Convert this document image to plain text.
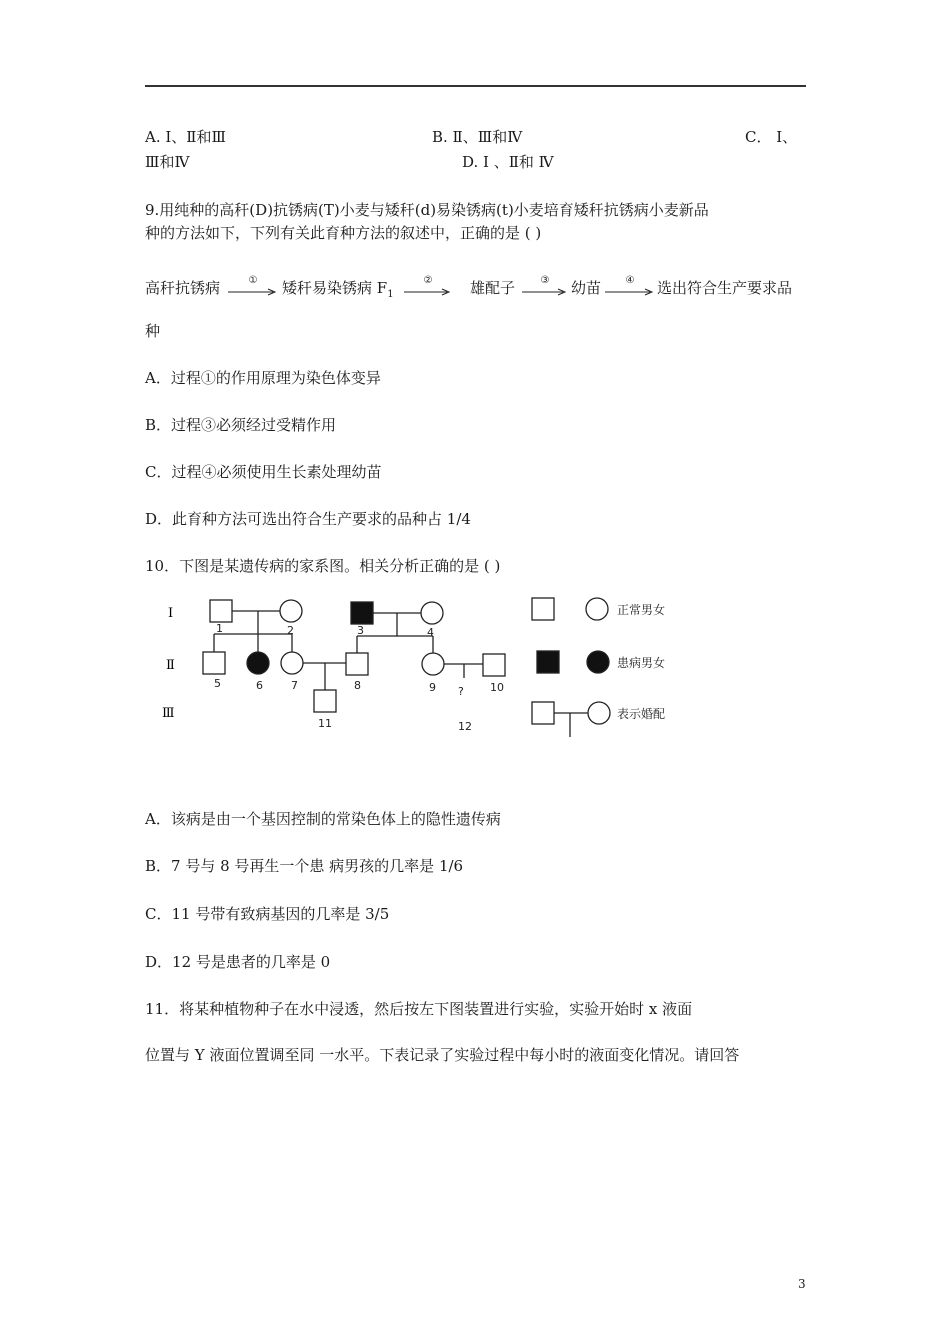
A. Ⅰ、Ⅱ和Ⅲ	B. Ⅱ、Ⅲ和Ⅳ	C． Ⅰ、
Ⅲ和Ⅳ	D. Ⅰ 、Ⅱ和 Ⅳ
9.用纯种的高秆(D)抗锈病(T)小麦与矮秆(d)易染锈病(t)小麦培育矮秆抗锈病小麦新品
种的方法如下，下列有关此育种方法的叙述中，正确的是 ( )
高秆抗锈病	①	矮秆易染锈病 $F_1$
②	雄配子	③	幼苗	④	选出符合生产要求品
种
A．过程①的作用原理为染色体变异
B．过程③必须经过受精作用
C．过程④必须使用生长素处理幼苗
D．此育种方法可选出符合生产要求的品种占 1/4
10．下图是某遗传病的家系图。相关分析正确的是 ( )
Ⅰ
Ⅱ
Ⅲ
1	2	3	4
5	6	7	8	9	10
11
?
12
正常男女
患病男女
表示婚配
A．该病是由一个基因控制的常染色体上的隐性遗传病
B．7 号与 8 号再生一个患 病男孩的几率是 1/6
C．11 号带有致病基因的几率是 3/5
D．12 号是患者的几率是 0
11．将某种植物种子在水中浸透，然后按左下图装置进行实验，实验开始时 x 液面
位置与 Y 液面位置调至同 一水平。下表记录了实验过程中每小时的液面变化情况。请回答
3
